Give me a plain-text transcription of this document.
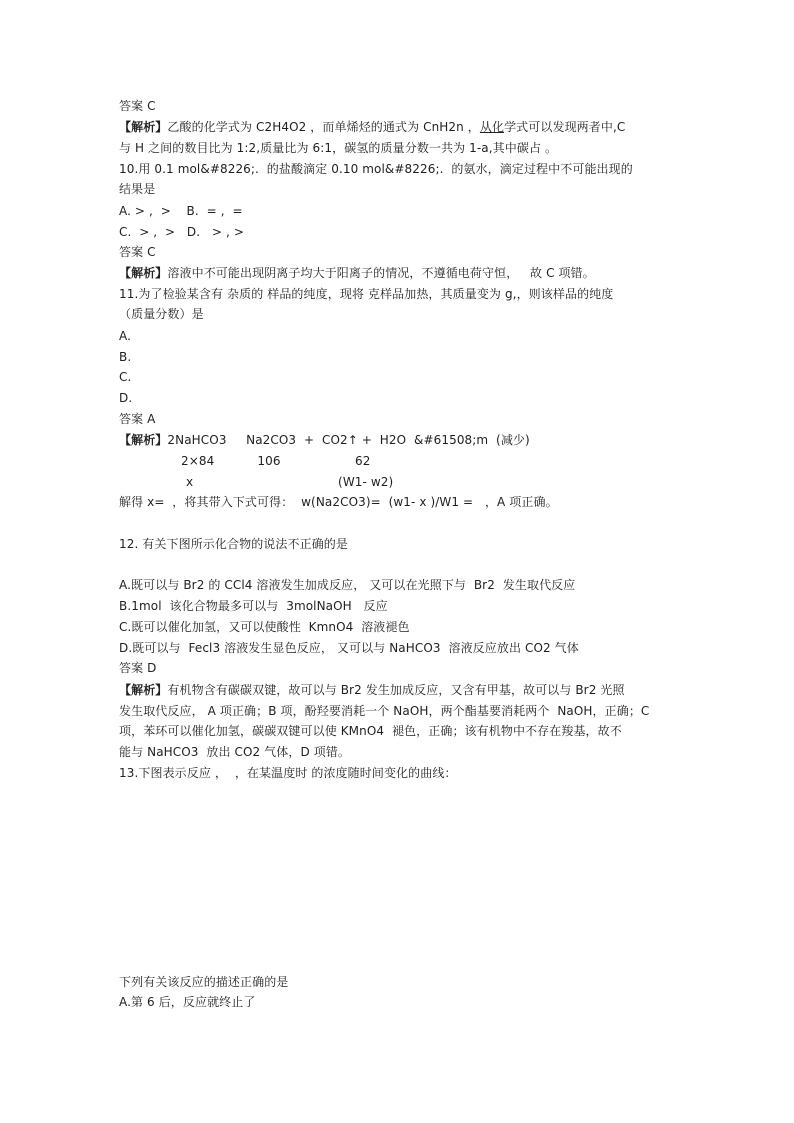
答案 C
【解析】乙酸的化学式为 C2H4O2 ，而单烯烃的通式为 CnH2n ，从化学式可以发现两者中,C
与 H 之间的数目比为 1:2,质量比为 6:1，碳氢的质量分数一共为 1-a,其中碳占 。
10.用 0.1 mol&#8226;.  的盐酸滴定 0.10 mol&#8226;.  的氨水，滴定过程中不可能出现的
结果是
A. > ,  >    B.  = ,  =
C.  > ,  >   D.   > , >
答案 C
【解析】溶液中不可能出现阴离子均大于阳离子的情况，不遵循电荷守恒，   故 C 项错。
11.为了检验某含有 杂质的 样品的纯度，现将 克样品加热，其质量变为 g,，则该样品的纯度
（质量分数）是
A.
B.
C.
D.
答案 A
【解析】2NaHCO3     Na2CO3  +  CO2↑ +  H2O  &#61508;m  (减少)
2×84           106                   62
x                                     (W1- w2)
解得 x=  ，将其带入下式可得：  w(Na2CO3)=  (w1- x )/W1 =   ，A 项正确。
12. 有关下图所示化合物的说法不正确的是
A.既可以与 Br2 的 CCl4 溶液发生加成反应， 又可以在光照下与  Br2  发生取代反应
B.1mol  该化合物最多可以与  3molNaOH   反应
C.既可以催化加氢，又可以使酸性  KmnO4  溶液褪色
D.既可以与  Fecl3 溶液发生显色反应， 又可以与 NaHCO3  溶液反应放出 CO2 气体
答案 D
【解析】有机物含有碳碳双键，故可以与 Br2 发生加成反应，又含有甲基，故可以与 Br2 光照
发生取代反应， A 项正确；B 项，酚羟要消耗一个 NaOH，两个酯基要消耗两个  NaOH，正确；C
项，苯环可以催化加氢，碳碳双键可以使 KMnO4  褪色，正确；该有机物中不存在羧基，故不
能与 NaHCO3  放出 CO2 气体，D 项错。
13.下图表示反应 ，  ，在某温度时 的浓度随时间变化的曲线：
下列有关该反应的描述正确的是
A.第 6 后，反应就终止了
